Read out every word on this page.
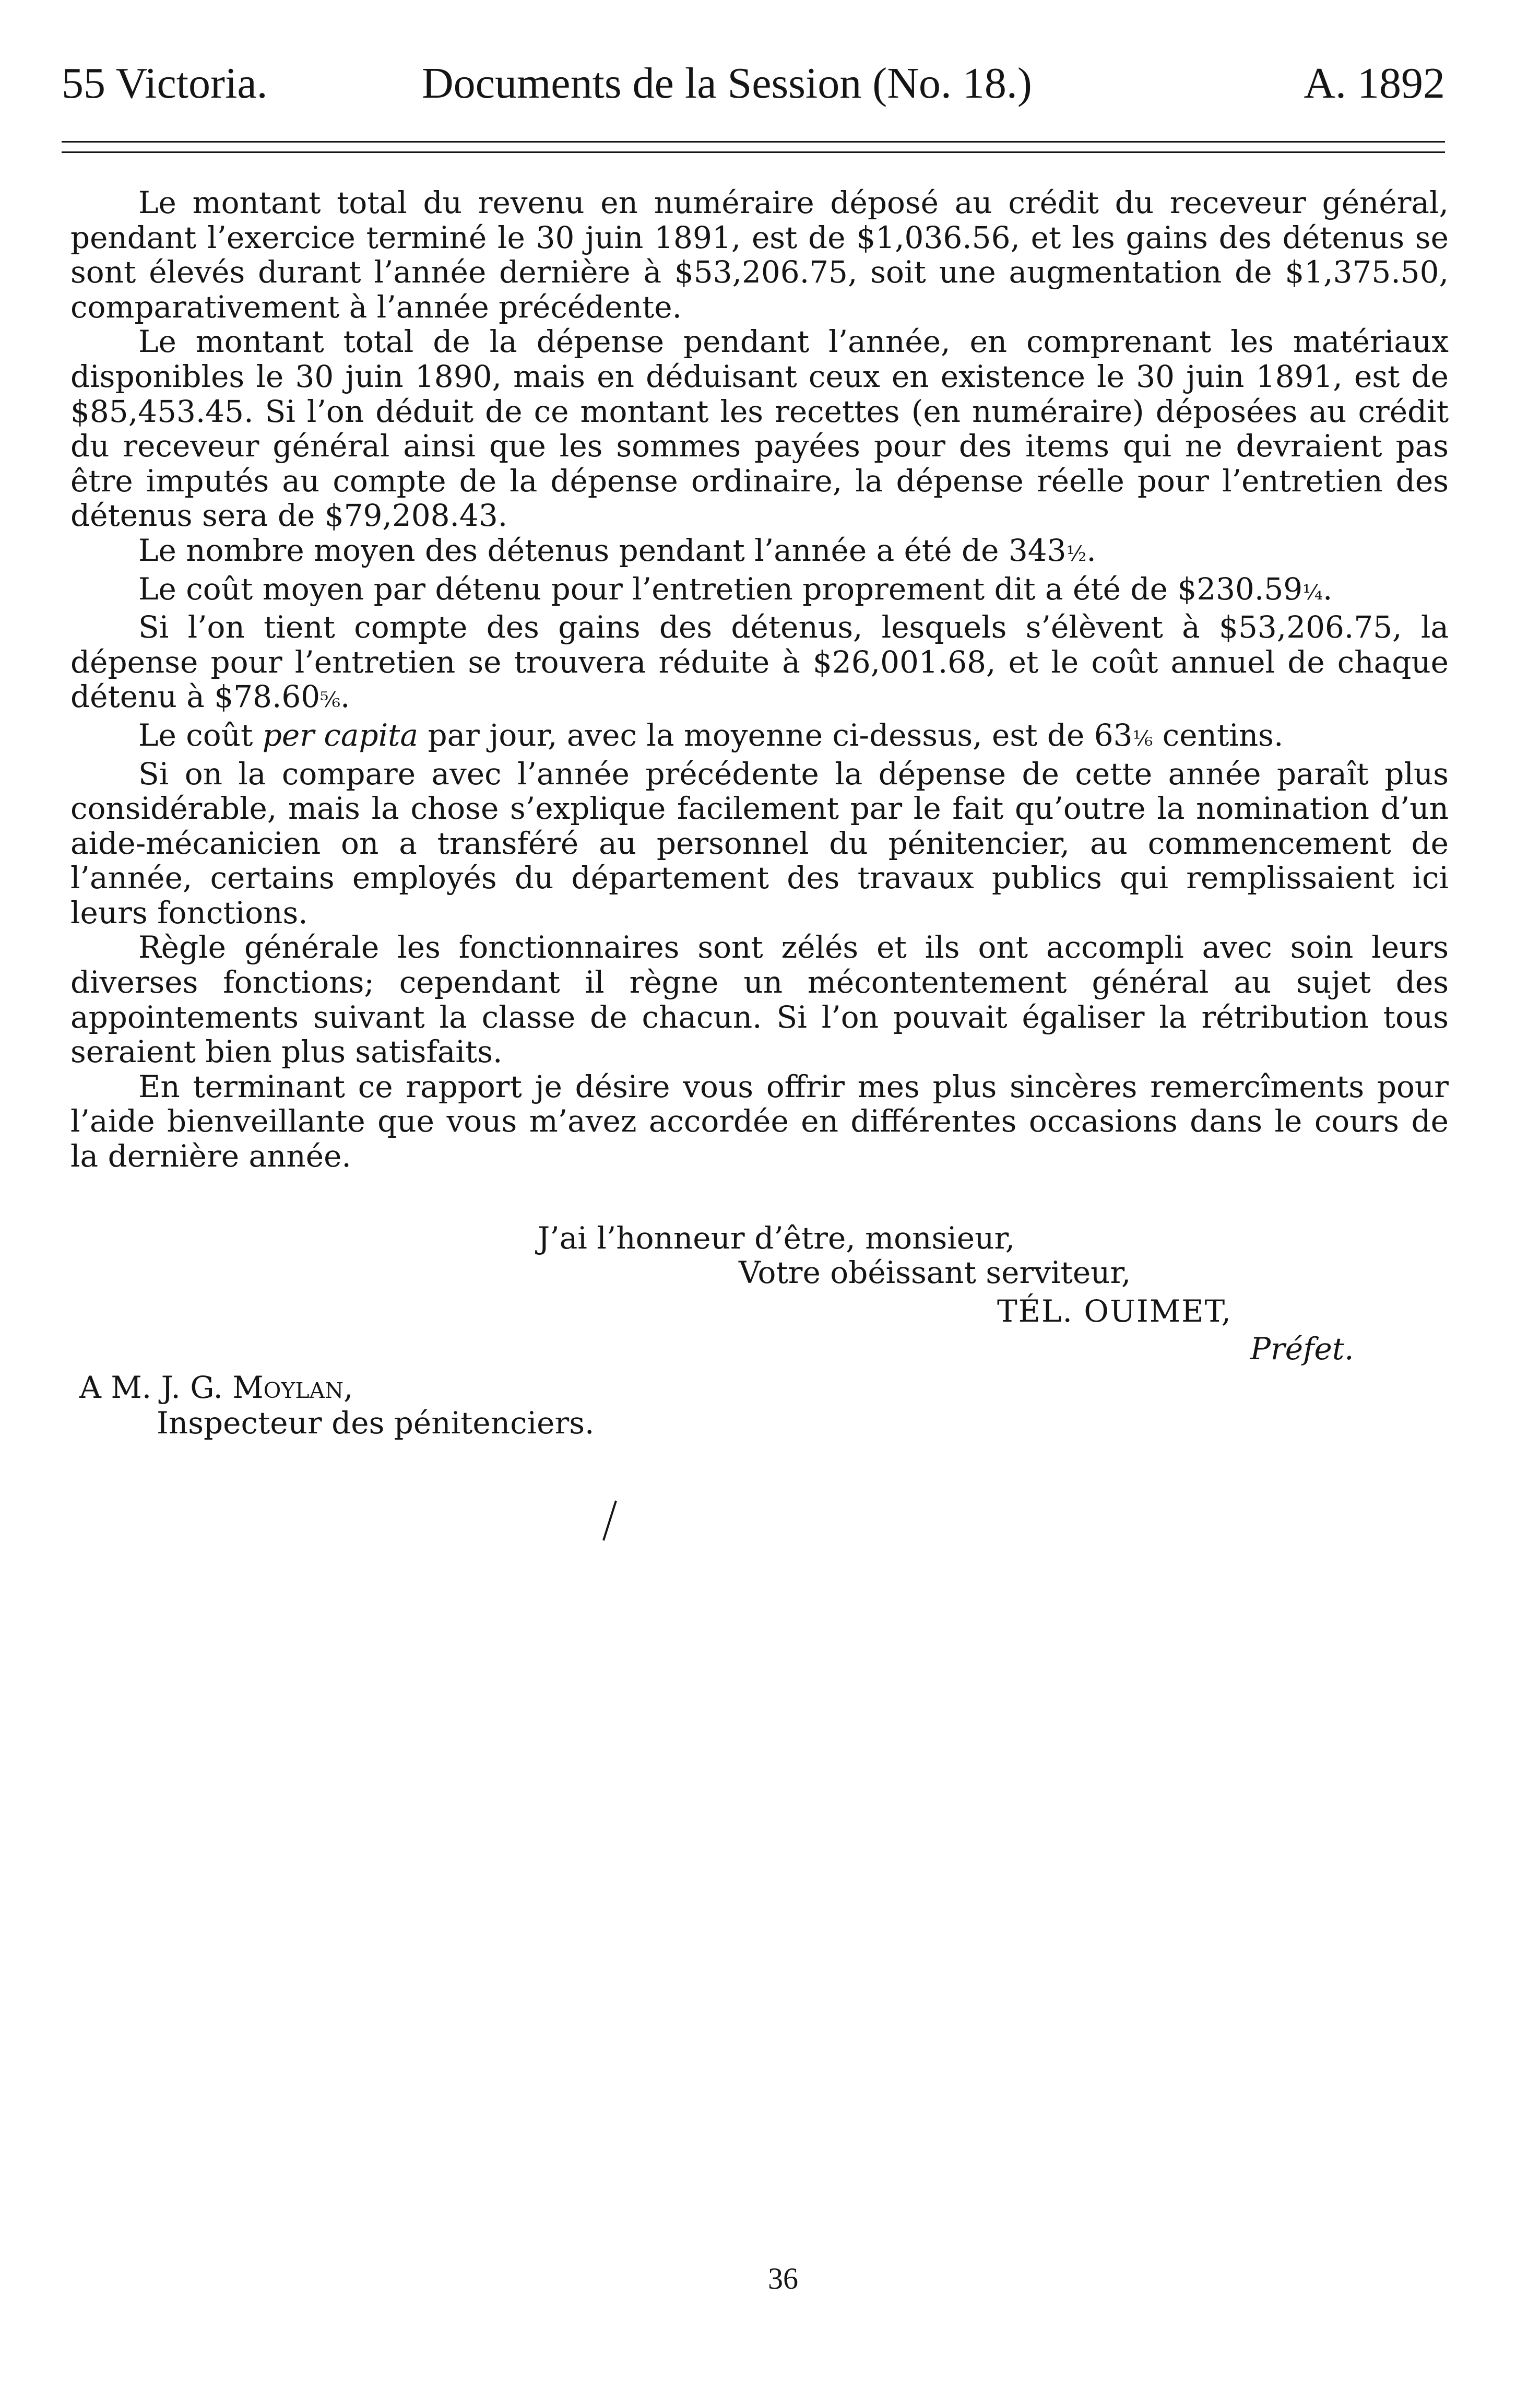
55 Victoria.	Documents de la Session (No. 18.)	A. 1892

Le montant total du revenu en numéraire déposé au crédit du receveur général, pendant l’exercice terminé le 30 juin 1891, est de $1,036.56, et les gains des détenus se sont élevés durant l’année dernière à $53,206.75, soit une augmentation de $1,375.50, comparativement à l’année précédente.

Le montant total de la dépense pendant l’année, en comprenant les matériaux disponibles le 30 juin 1890, mais en déduisant ceux en existence le 30 juin 1891, est de $85,453.45. Si l’on déduit de ce montant les recettes (en numéraire) déposées au crédit du receveur général ainsi que les sommes payées pour des items qui ne devraient pas être imputés au compte de la dépense ordinaire, la dépense réelle pour l’entretien des détenus sera de $79,208.43.

Le nombre moyen des détenus pendant l’année a été de 343½.

Le coût moyen par détenu pour l’entretien proprement dit a été de $230.59¼.

Si l’on tient compte des gains des détenus, lesquels s’élèvent à $53,206.75, la dépense pour l’entretien se trouvera réduite à $26,001.68, et le coût annuel de chaque détenu à $78.60⅚.

Le coût per capita par jour, avec la moyenne ci-dessus, est de 63⅙ centins.

Si on la compare avec l’année précédente la dépense de cette année paraît plus considérable, mais la chose s’explique facilement par le fait qu’outre la nomination d’un aide-mécanicien on a transféré au personnel du pénitencier, au commencement de l’année, certains employés du département des travaux publics qui remplissaient ici leurs fonctions.

Règle générale les fonctionnaires sont zélés et ils ont accompli avec soin leurs diverses fonctions; cependant il règne un mécontentement général au sujet des appointements suivant la classe de chacun. Si l’on pouvait égaliser la rétribution tous seraient bien plus satisfaits.

En terminant ce rapport je désire vous offrir mes plus sincères remercîments pour l’aide bienveillante que vous m’avez accordée en différentes occasions dans le cours de la dernière année.

J’ai l’honneur d’être, monsieur,
Votre obéissant serviteur,
TÉL. OUIMET,
Préfet.
A M. J. G. Moylan,
Inspecteur des pénitenciers.
36
